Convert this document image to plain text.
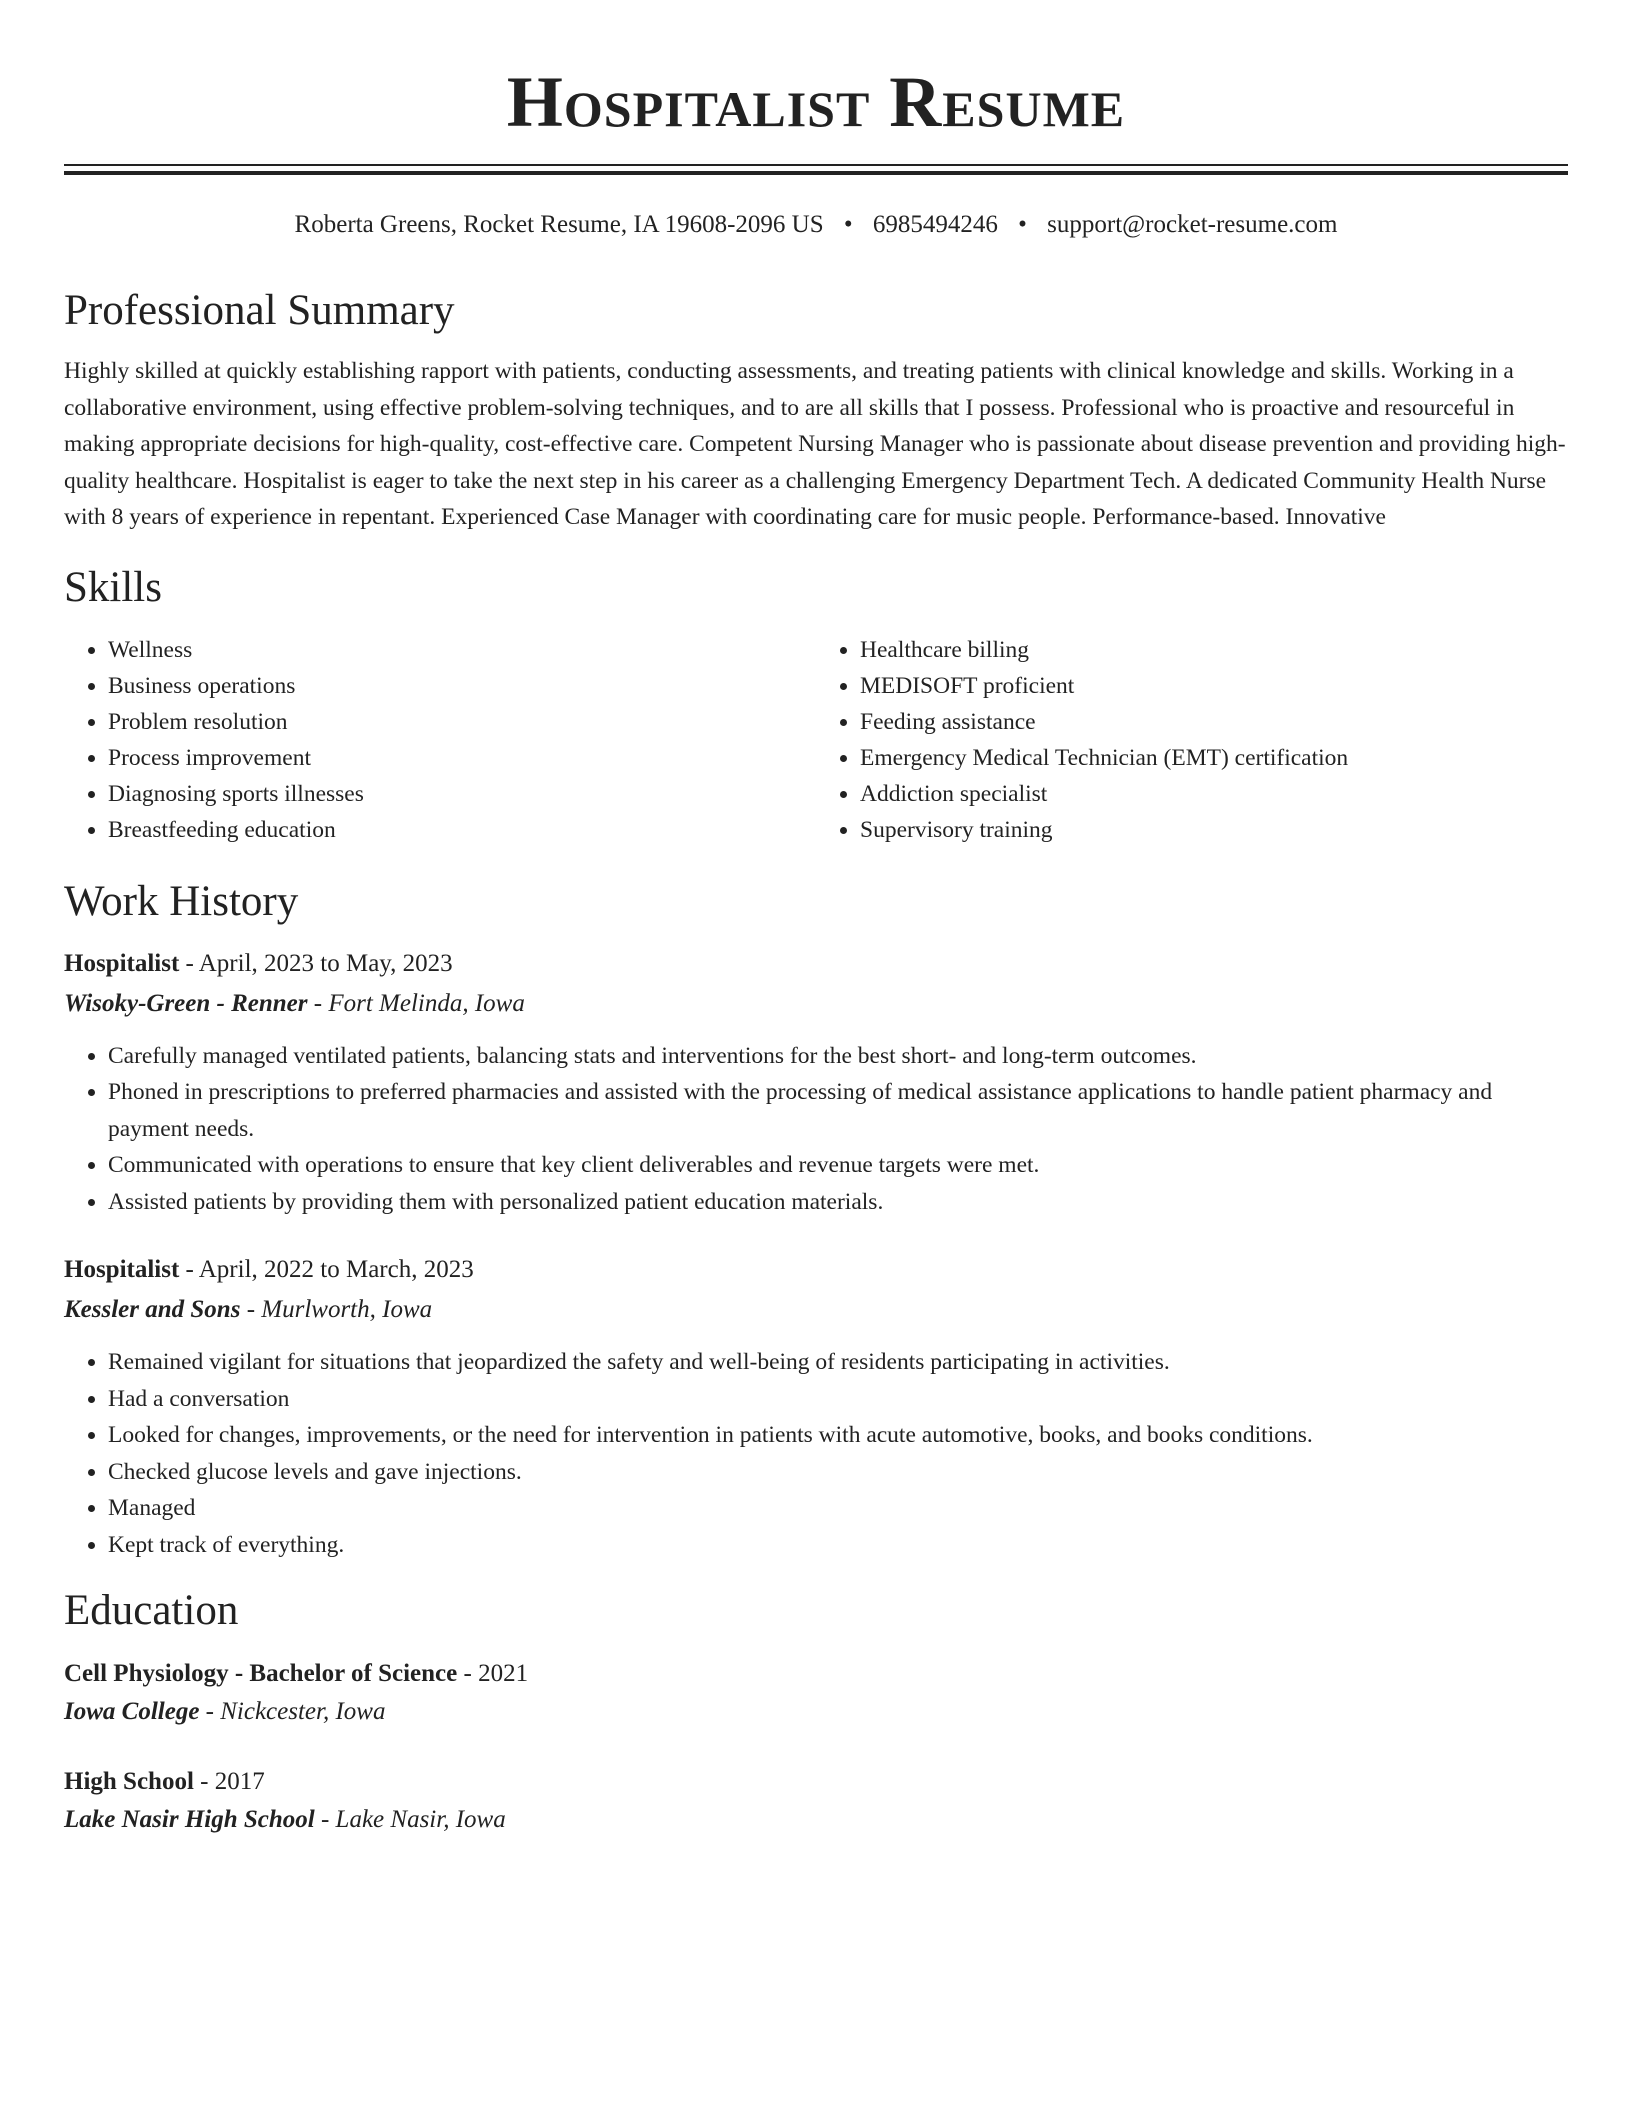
Hospitalist Resume
Roberta Greens, Rocket Resume, IA 19608-2096 US • 6985494246 • support@rocket-resume.com
Professional Summary

Highly skilled at quickly establishing rapport with patients, conducting assessments, and treating patients with clinical knowledge and skills. Working in a collaborative environment, using effective problem-solving techniques, and to are all skills that I possess. Professional who is proactive and resourceful in making appropriate decisions for high-quality, cost-effective care. Competent Nursing Manager who is passionate about disease prevention and providing high-quality healthcare. Hospitalist is eager to take the next step in his career as a challenging Emergency Department Tech. A dedicated Community Health Nurse with 8 years of experience in repentant. Experienced Case Manager with coordinating care for music people. Performance-based. Innovative

Skills
• Wellness
• Business operations
• Problem resolution
• Process improvement
• Diagnosing sports illnesses
• Breastfeeding education
• Healthcare billing
• MEDISOFT proficient
• Feeding assistance
• Emergency Medical Technician (EMT) certification
• Addiction specialist
• Supervisory training
Work History
Hospitalist - April, 2023 to May, 2023
Wisoky-Green - Renner - Fort Melinda, Iowa
• Carefully managed ventilated patients, balancing stats and interventions for the best short- and long-term outcomes.
• Phoned in prescriptions to preferred pharmacies and assisted with the processing of medical assistance applications to handle patient pharmacy and payment needs.
• Communicated with operations to ensure that key client deliverables and revenue targets were met.
• Assisted patients by providing them with personalized patient education materials.
Hospitalist - April, 2022 to March, 2023
Kessler and Sons - Murlworth, Iowa
• Remained vigilant for situations that jeopardized the safety and well-being of residents participating in activities.
• Had a conversation
• Looked for changes, improvements, or the need for intervention in patients with acute automotive, books, and books conditions.
• Checked glucose levels and gave injections.
• Managed
• Kept track of everything.
Education
Cell Physiology - Bachelor of Science - 2021
Iowa College - Nickcester, Iowa
High School - 2017
Lake Nasir High School - Lake Nasir, Iowa
